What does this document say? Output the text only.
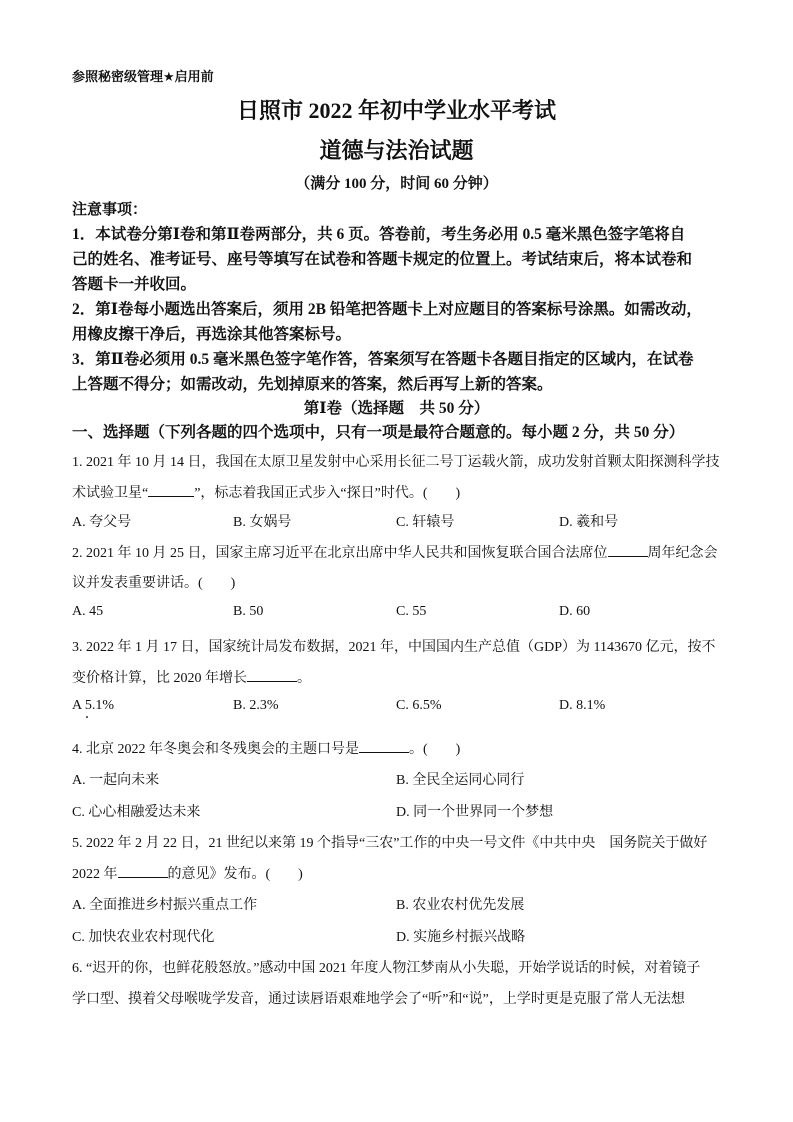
参照秘密级管理★启用前
日照市 2022 年初中学业水平考试
道德与法治试题
（满分 100 分，时间 60 分钟）
注意事项：
1．本试卷分第Ⅰ卷和第Ⅱ卷两部分，共 6 页。答卷前，考生务必用 0.5 毫米黑色签字笔将自
己的姓名、准考证号、座号等填写在试卷和答题卡规定的位置上。考试结束后，将本试卷和
答题卡一并收回。
2．第Ⅰ卷每小题选出答案后，须用 2B 铅笔把答题卡上对应题目的答案标号涂黑。如需改动，
用橡皮擦干净后，再选涂其他答案标号。
3．第Ⅱ卷必须用 0.5 毫米黑色签字笔作答，答案须写在答题卡各题目指定的区域内，在试卷
上答题不得分；如需改动，先划掉原来的答案，然后再写上新的答案。
第Ⅰ卷（选择题　共 50 分）
一、选择题（下列各题的四个选项中，只有一项是最符合题意的。每小题 2 分，共 50 分）
1. 2021 年 10 月 14 日，我国在太原卫星发射中心采用长征二号丁运载火箭，成功发射首颗太阳探测科学技
术试验卫星“	”，标志着我国正式步入“探日”时代。(　　)
A. 夸父号	B. 女娲号	C. 轩辕号	D. 羲和号
2. 2021 年 10 月 25 日，国家主席习近平在北京出席中华人民共和国恢复联合国合法席位	周年纪念会
议并发表重要讲话。(　　)
A. 45	B. 50	C. 55	D. 60
3. 2022 年 1 月 17 日，国家统计局发布数据，2021 年，中国国内生产总值（GDP）为 1143670 亿元，按不
变价格计算，比 2020 年增长	。
A 5.1%	B. 2.3%	C. 6.5%	D. 8.1%
4. 北京 2022 年冬奥会和冬残奥会的主题口号是	。(　　)
A. 一起向未来	B. 全民全运同心同行
C. 心心相融爱达未来	D. 同一个世界同一个梦想
5. 2022 年 2 月 22 日，21 世纪以来第 19 个指导“三农”工作的中央一号文件《中共中央　国务院关于做好
2022 年	的意见》发布。(　　)
A. 全面推进乡村振兴重点工作	B. 农业农村优先发展
C. 加快农业农村现代化	D. 实施乡村振兴战略
6. “迟开的你，也鲜花般怒放。”感动中国 2021 年度人物江梦南从小失聪，开始学说话的时候，对着镜子
学口型、摸着父母喉咙学发音，通过读唇语艰难地学会了“听”和“说”，上学时更是克服了常人无法想
